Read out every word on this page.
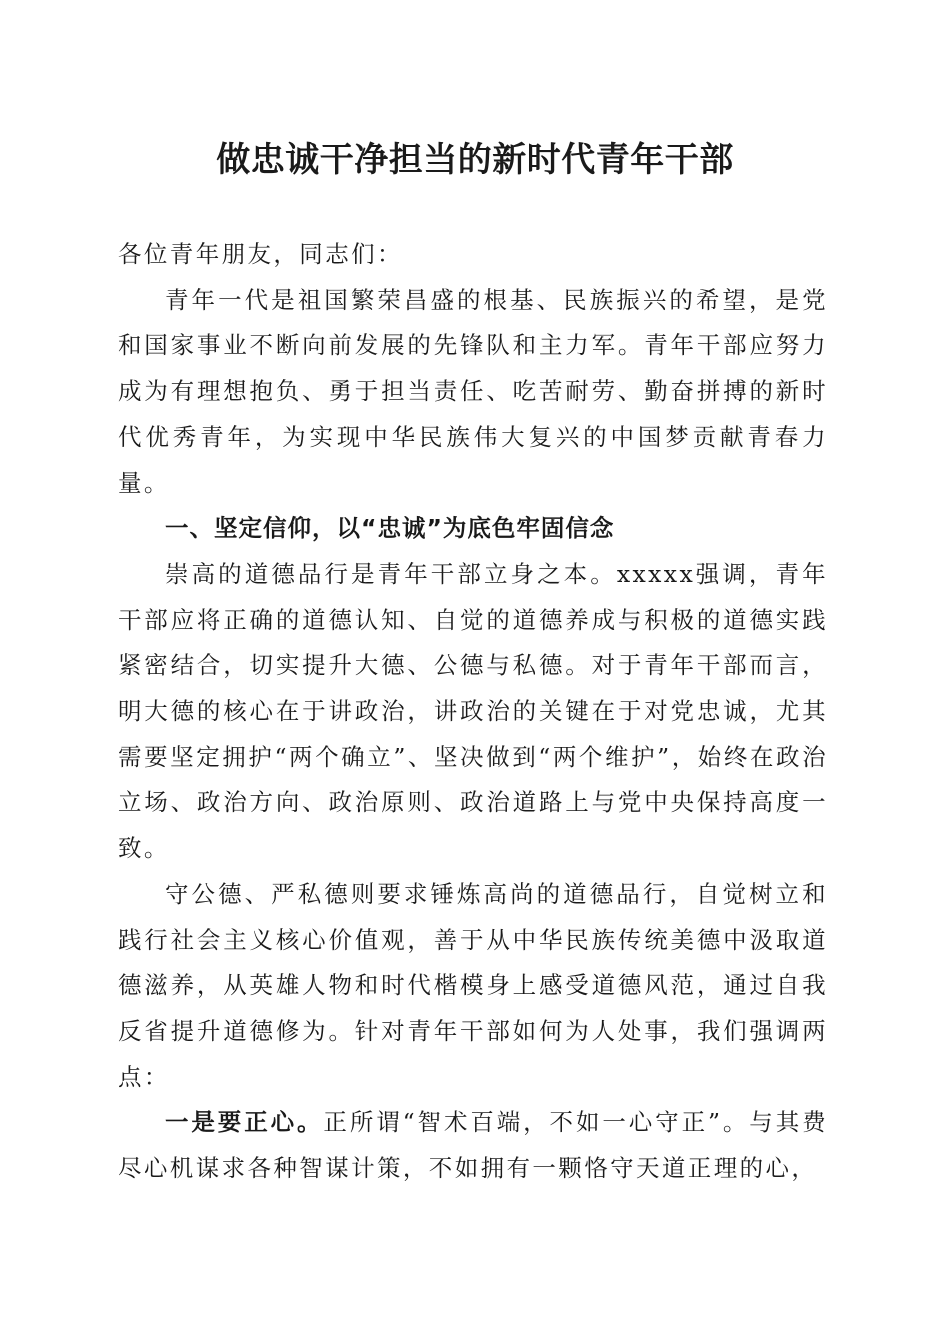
做忠诚干净担当的新时代青年干部

各位青年朋友，同志们：

青年一代是祖国繁荣昌盛的根基、民族振兴的希望，是党和国家事业不断向前发展的先锋队和主力军。青年干部应努力成为有理想抱负、勇于担当责任、吃苦耐劳、勤奋拼搏的新时代优秀青年，为实现中华民族伟大复兴的中国梦贡献青春力量。

一、坚定信仰，以“忠诚”为底色牢固信念

崇高的道德品行是青年干部立身之本。xxxxx强调，青年干部应将正确的道德认知、自觉的道德养成与积极的道德实践紧密结合，切实提升大德、公德与私德。对于青年干部而言，明大德的核心在于讲政治，讲政治的关键在于对党忠诚，尤其需要坚定拥护“两个确立”、坚决做到“两个维护”，始终在政治立场、政治方向、政治原则、政治道路上与党中央保持高度一致。

守公德、严私德则要求锤炼高尚的道德品行，自觉树立和践行社会主义核心价值观，善于从中华民族传统美德中汲取道德滋养，从英雄人物和时代楷模身上感受道德风范，通过自我反省提升道德修为。针对青年干部如何为人处事，我们强调两点：

一是要正心。正所谓“智术百端，不如一心守正”。与其费尽心机谋求各种智谋计策，不如拥有一颗恪守天道正理的心，
